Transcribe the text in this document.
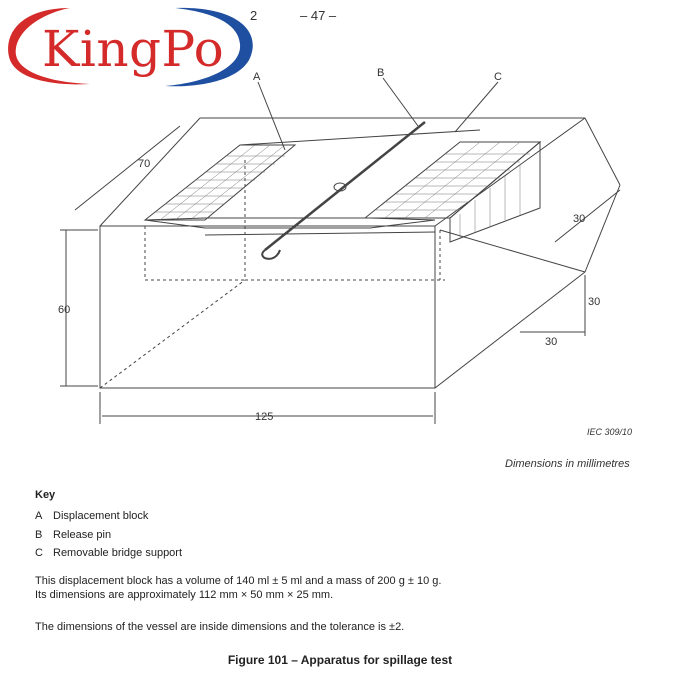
2	– 47 –
KingPo	A	B	C
70
60
125
30
30
30
IEC 309/10
Dimensions in millimetres
Key
A Displacement block
B Release pin
C Removable bridge support
This displacement block has a volume of 140 ml ± 5 ml and a mass of 200 g ± 10 g.
Its dimensions are approximately 112 mm × 50 mm × 25 mm.
The dimensions of the vessel are inside dimensions and the tolerance is ±2.
Figure 101 – Apparatus for spillage test
